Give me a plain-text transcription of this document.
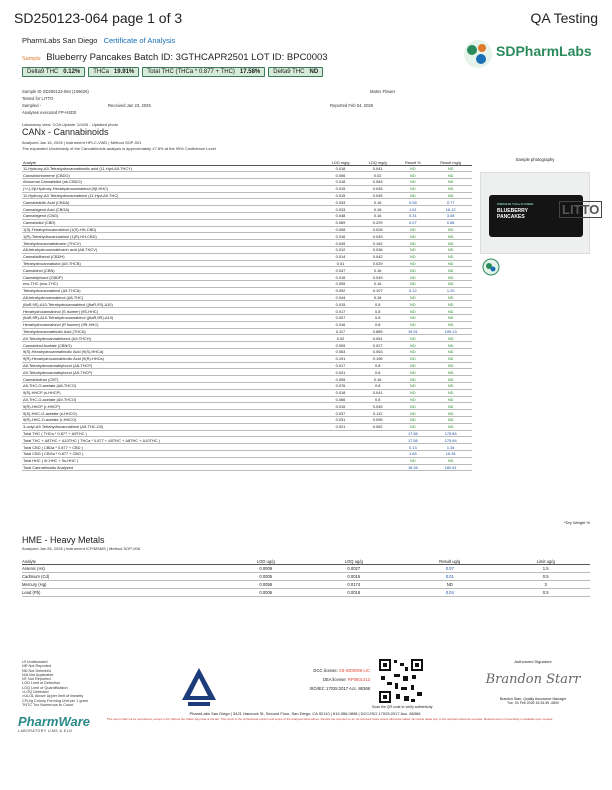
SD250123-064 page 1 of 3	QA Testing
PharmLabs San Diego Certificate of Analysis
SDPharmLabs
Sample Blueberry Pancakes Batch ID: 3GTHCAPR2501 LOT ID: BPC0003
Delta9 THC 0.12%	THCa 19.91%	Total THC (THCa * 0.877 + THC) 17.58%	Delta9 THC ND
Sample ID SD250123-064 (106626)	Matrix Flower
Tested for LITTO
Sampled -	Received Jan 23, 2026	Reported Feb 04, 2026
Analyses executed FP-HSD0
Laboratory view: COA Update: 2/4/26 - Updated photo
CANx - Cannabinoids
Analyzed Jan 16, 2026 | Instrument HPLC-VWD | Method SOP-001
The expanded Uncertainty of the Cannabinoids analysis is approximately ±7.8% at the 95% Confidence Level
Analyte	LOD mg/g	LOQ mg/g	Result %	Result mg/g
11-Hydroxy-Δ9-Tetrahydrocannabinolic acid (11-Hyd-Δ9-THCY)	0.018	0.041	ND	ND
Cannabichromene (CBDO)	0.006	0.02	ND	ND
Abnormal Cannabidiol (ab-CBDO)	0.018	0.083	ND	ND
(+/-)-9β-Hydroxy-Hexahydrocannabinol (9β-HHC)	0.015	0.045	ND	ND
11-Hydroxy-Δ9-Tetrahydrocannabinol (11-Hyd-Δ9-THC)	0.015	0.045	ND	ND
Cannabidiolic Acid (CBDA)	0.033	0.16	0.08	0.77
Cannabigerol Acid (CBGA)	0.033	0.16	1.61	16.12
Cannabigerol (CBG)	0.048	0.16	0.31	3.08
Cannabidiol (CBD)	0.069	0.229	0.07	0.66
1(S)-Tetrahydrocannabinol (1(S)-HH-CBD)	0.008	0.026	ND	ND
1(R)-Tetrahydrocannabinol (1(R)-HH-CBD)	0.016	0.049	ND	ND
Tetrahydrocannabidivarin (THCV)	0.049	0.162	ND	ND
Δ8-tetrahydrocannabivarin acid (Δ8-THCV)	0.012	0.036	ND	ND
Cannabidihexol (CBDH)	0.014	0.042	ND	ND
Tetrahydrocannabutol (Δ9-THCB)	0.01	0.029	ND	ND
Cannabinol (CBN)	0.047	0.16	ND	ND
Cannabiphorol (CBDP)	0.016	0.049	ND	ND
exo-THC (exo-THC)	0.005	0.16	ND	ND
Tetrahydrocannabinol (Δ9-THCA)	0.092	0.107	0.12	1.20
Δ8-tetrahydrocannabinol (Δ8-THC)	0.044	0.16	ND	ND
(6aR,9S)-Δ10-Tetrahydrocannabinol ((6aR,9S)-Δ10)	0.015	0.8	ND	ND
Hexahydrocannabinol (S Isomer) (9S-HHC)	0.017	0.8	ND	ND
(6aR,9R)-Δ10-Tetrahydrocannabinol ((6aR,9R)-Δ10)	0.007	0.8	ND	ND
Hexahydrocannabinol (R Isomer) (9R-HHC)	0.016	0.8	ND	ND
Tetrahydrocannabinolic Acid (THCA)	0.117	0.889	19.91	199.13
Δ9-Tetrahydrocannabihexol (Δ9-THCH)	0.02	0.061	ND	ND
Cannabinol Acetate (CBNO)	0.009	0.027	ND	ND
9(S)-Hexahydrocannabinolic Acid (9(S)-HHCa)	0.063	0.063	ND	ND
9(R)-Hexahydrocannabinolic Acid (9(R)-HHCa)	0.191	0.196	ND	ND
Δ8-Tetrahydrocannabiphorol (Δ8-THCP)	0.017	0.8	ND	ND
Δ9-Tetrahydrocannabiphorol (Δ9-THCP)	0.041	0.8	ND	ND
Cannabicitran (CBT)	0.005	0.16	ND	ND
Δ8-THC-O-acetate (Δ8-THCO)	0.076	0.8	ND	ND
9(S)-HHCP (s-HHCP)	0.018	0.041	ND	ND
Δ9-THC-O-acetate (Δ9-THCO)	0.066	0.8	ND	ND
9(R)-HHCP (r-HHCP)	0.015	0.045	ND	ND
9(S)-HHC-O-acetate (s-HHCO)	0.037	0.112	ND	ND
9(R)-HHC-O-acetate (r-HHCO)	0.031	0.095	ND	ND
3-octyl-Δ9-Tetrahydrocannabinol (Δ9-THC-C8)	0.021	0.062	ND	ND
Total THC ( THCa * 0.877 + Δ9THC )			17.58	175.84
Total THC + Δ8THC + Δ10THC ( THCa * 0.877 + Δ9THC + Δ8THC + Δ10THC )			17.58	175.84
Total CBD ( CBDa * 0.877 + CBD )			0.13	1.34
Total CBG ( CBGa * 0.877 + CBG )			1.65	16.34
Total HHC ( 9r-HHC + 9s-HHC )			ND	ND
Total Cannabinoids Analyzed			18.26	182.61
Sample photography
PREMIUM THCa FLOWER
BLUEBERRY
PANCAKES	LITTO
*Dry Weight %
HME - Heavy Metals
Analyzed Jan 28, 2026 | Instrument ICP/MSMS | Method SOP-006
Analyte	LOD ug/g	LOQ ug/g	Result ug/g	Limit ug/g
Arsenic (As)	0.0009	0.0027	0.07	1.5
Cadmium (Cd)	0.0005	0.0015	0.01	0.5
Mercury (Hg)	0.0058	0.0174	ND	3
Lead (Pb)	0.0006	0.0018	0.04	0.5
UI Undisclosed
NR Not Reported
ND Not Detected
N/A Not Applicable
NT Not Reported
LOD Limit of Detection
LOQ Limit of Quantification
<LOQ Detected
>ULOL Above Upper limit of linearity
CFU/g Colony Forming Unit per 1 gram
TNTC Too Numerous to Count
PharmWare
LABORATORY LIMS & ELN
DCC license: C8-0000096-LIC
DEA license: RP0601413
ISO/IEC 17025:2017 Acc. 86368
Scan the QR code to verify authenticity
Authorized Signature
Brandon Starr
Brandon Starr, Quality Assurance Manager
Tue, 04 Feb 2026 15:34:35 -0800
PharmLabs San Diego | 3421 Hancock St, Second Floor, San Diego, CA 92110 | 619.356.0898 | DCC/ISO 17025:2017 Acc. 86368
This report shall not be reproduced, except in full, without the written approval of the lab. This report is the professional opinion and scope of the analyses listed above. Results are reported on an 'as received' basis unless otherwise stated. All results relate only to the samples tested as received. Measurement of uncertainty is available upon request.
